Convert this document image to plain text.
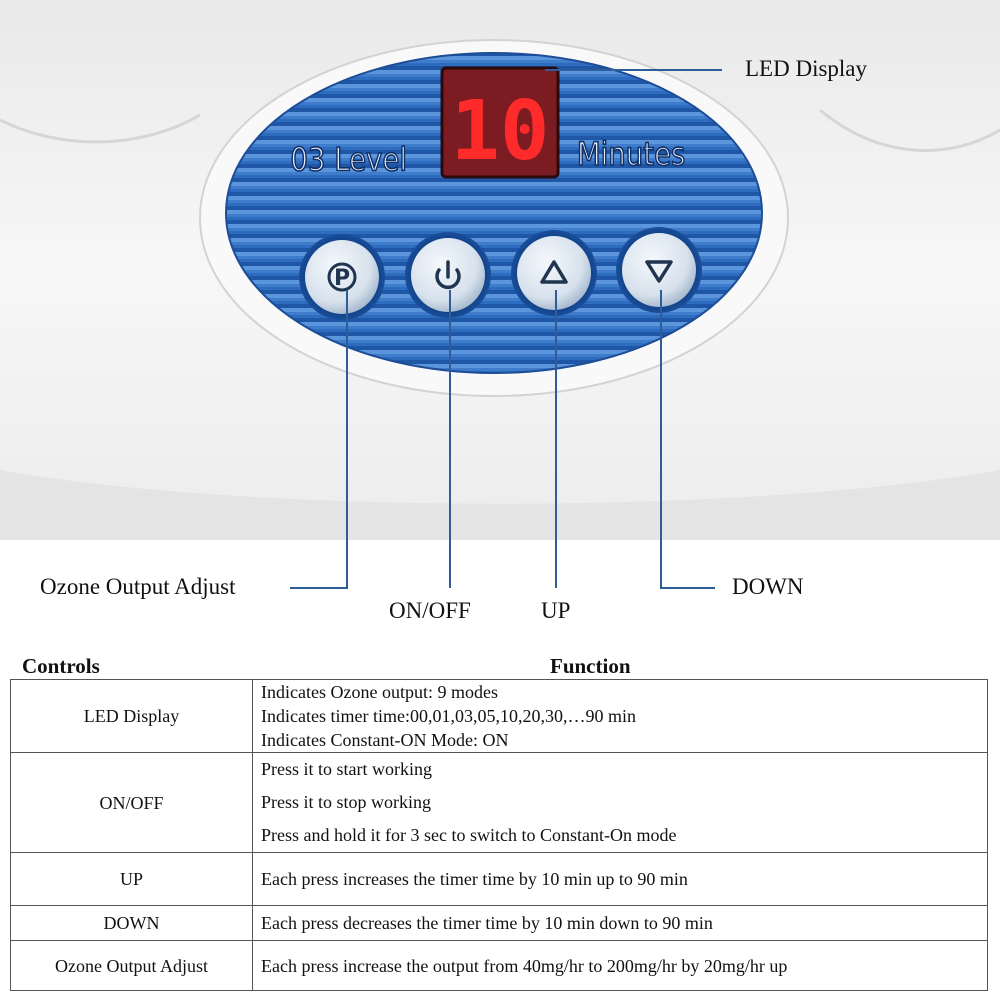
10
03 Level	Minutes
P
LED Display
Ozone Output Adjust
ON/OFF	UP
DOWN
Controls	Function
LED Display	Indicates Ozone output: 9 modes
Indicates timer time:00,01,03,05,10,20,30,…90 min
Indicates Constant-ON Mode: ON

ON/OFF	Press it to start working
Press it to stop working
Press and hold it for 3 sec to switch to Constant-On mode

UP	Each press increases the timer time by 10 min up to 90 min

DOWN	Each press decreases the timer time by 10 min down to 90 min

Ozone Output Adjust	Each press increase the output from 40mg/hr to 200mg/hr by 20mg/hr up
